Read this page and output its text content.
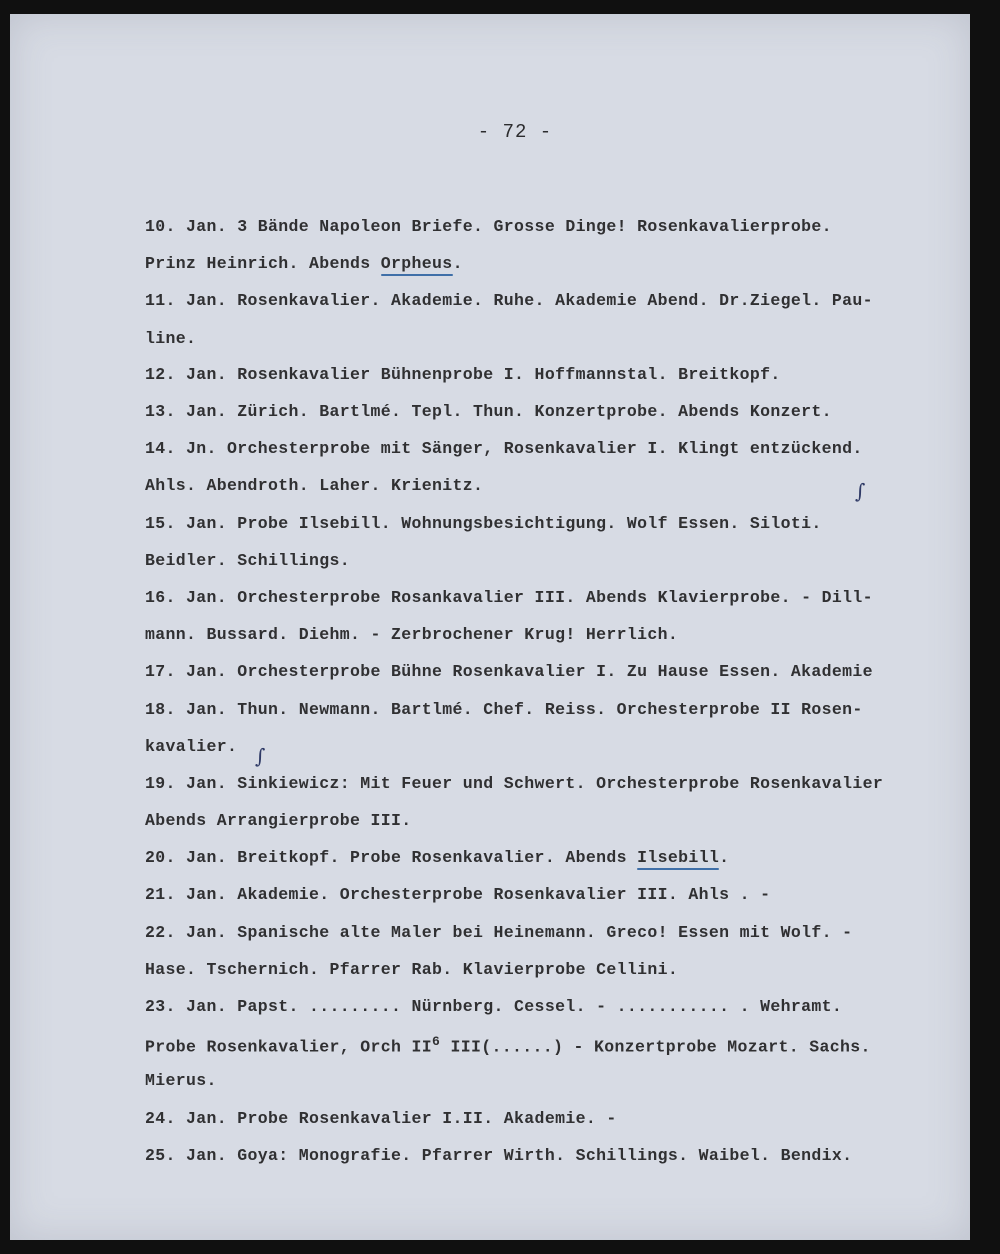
- 72 -
10. Jan. 3 Bände Napoleon Briefe. Grosse Dinge! Rosenkavalierprobe.
Prinz Heinrich. Abends Orpheus.
11. Jan. Rosenkavalier. Akademie. Ruhe. Akademie Abend. Dr.Ziegel. Pau-
line.
12. Jan. Rosenkavalier Bühnenprobe I. Hoffmannstal. Breitkopf.
13. Jan. Zürich. Bartlmé. Tepl. Thun. Konzertprobe. Abends Konzert.
14. Jn. Orchesterprobe mit Sänger, Rosenkavalier I. Klingt entzückend.
Ahls. Abendroth. Laher. Krienitz.
15. Jan. Probe Ilsebill. Wohnungsbesichtigung. Wolf Essen. Siloti.
Beidler. Schillings.
16. Jan. Orchesterprobe Rosankavalier III. Abends Klavierprobe. - Dill-
mann. Bussard. Diehm. - Zerbrochener Krug! Herrlich.
17. Jan. Orchesterprobe Bühne Rosenkavalier I. Zu Hause Essen. Akademie
18. Jan. Thun. Newmann. Bartlmé. Chef. Reiss. Orchesterprobe II Rosen-
kavalier.
19. Jan. Sinkiewicz: Mit Feuer und Schwert. Orchesterprobe Rosenkavalier
Abends Arrangierprobe III.
20. Jan. Breitkopf. Probe Rosenkavalier. Abends Ilsebill.
21. Jan. Akademie. Orchesterprobe Rosenkavalier III. Ahls . -
22. Jan. Spanische alte Maler bei Heinemann. Greco! Essen mit Wolf. -
Hase. Tschernich. Pfarrer Rab. Klavierprobe Cellini.
23. Jan. Papst. ......... Nürnberg. Cessel. - ........... . Wehramt.
Probe Rosenkavalier, Orch $II^6$ III(......) - Konzertprobe Mozart. Sachs.
Mierus.
24. Jan. Probe Rosenkavalier I.II. Akademie. -
25. Jan. Goya: Monografie. Pfarrer Wirth. Schillings. Waibel. Bendix.
∫
∫
